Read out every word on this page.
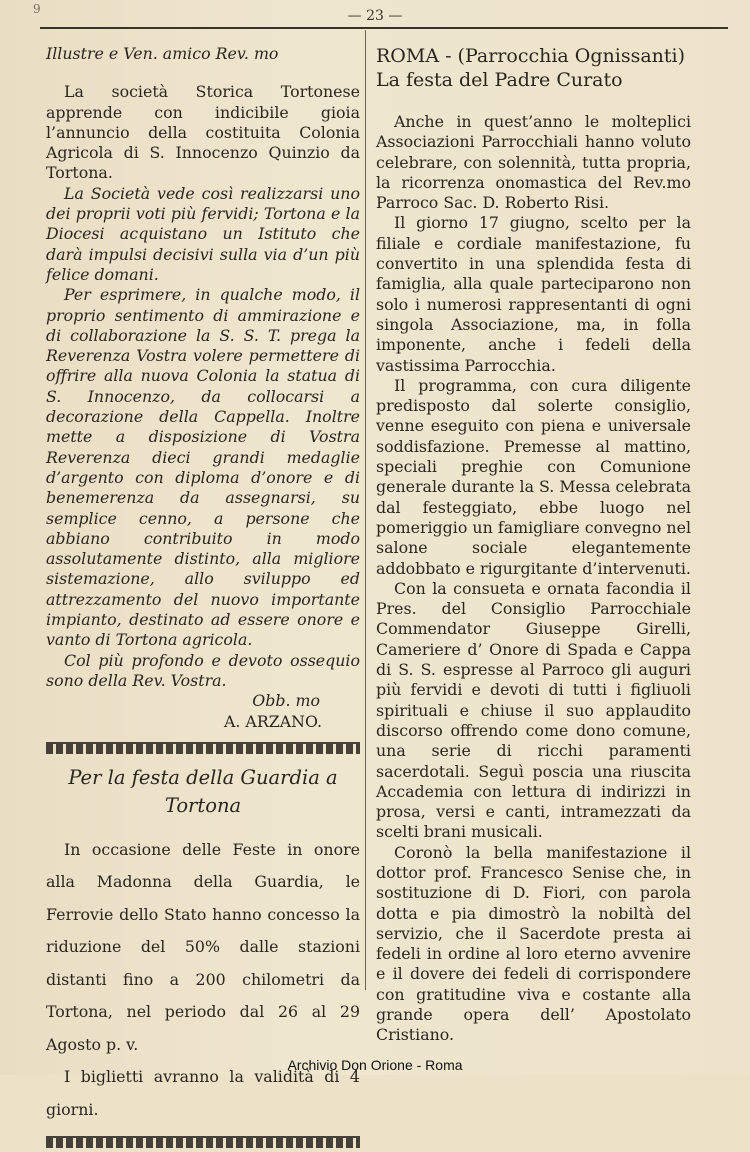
9	— 23 —

Illustre e Ven. amico Rev. mo

La società Storica Tortonese apprende con indicibile gioia l’annuncio della costituita Colonia Agricola di S. Innocenzo Quinzio da Tortona.

La Società vede così realizzarsi uno dei proprii voti più fervidi; Tortona e la Diocesi acquistano un Istituto che darà impulsi decisivi sulla via d’un più felice domani.

Per esprimere, in qualche modo, il proprio sentimento di ammirazione e di collaborazione la S. S. T. prega la Reverenza Vostra volere permettere di offrire alla nuova Colonia la statua di S. Innocenzo, da collocarsi a decorazione della Cappella. Inoltre mette a disposizione di Vostra Reverenza dieci grandi medaglie d’argento con diploma d’onore e di benemerenza da assegnarsi, su semplice cenno, a persone che abbiano contribuito in modo assolutamente distinto, alla migliore sistemazione, allo sviluppo ed attrezzamento del nuovo importante impianto, destinato ad essere onore e vanto di Tortona agricola.

Col più profondo e devoto ossequio sono della Rev. Vostra.

Obb. mo

A. ARZANO.

Per la festa della Guardia a Tortona

In occasione delle Feste in onore alla Madonna della Guardia, le Ferrovie dello Stato hanno concesso la riduzione del 50% dalle stazioni distanti fino a 200 chilometri da Tortona, nel periodo dal 26 al 29 Agosto p. v.

I biglietti avranno la validità di 4 giorni.

ROMA - (Parrocchia Ognissanti)
La festa del Padre Curato

Anche in quest’anno le molteplici Associazioni Parrocchiali hanno voluto celebrare, con solennità, tutta propria, la ricorrenza onomastica del Rev.mo Parroco Sac. D. Roberto Risi.

Il giorno 17 giugno, scelto per la filiale e cordiale manifestazione, fu convertito in una splendida festa di famiglia, alla quale parteciparono non solo i numerosi rappresentanti di ogni singola Associazione, ma, in folla imponente, anche i fedeli della vastissima Parrocchia.

Il programma, con cura diligente predisposto dal solerte consiglio, venne eseguito con piena e universale soddisfazione. Premesse al mattino, speciali preghie con Comunione generale durante la S. Messa celebrata dal festeggiato, ebbe luogo nel pomeriggio un famigliare convegno nel salone sociale elegantemente addobbato e rigurgitante d’intervenuti.

Con la consueta e ornata facondia il Pres. del Consiglio Parrocchiale Commendator Giuseppe Girelli, Cameriere d’ Onore di Spada e Cappa di S. S. espresse al Parroco gli auguri più fervidi e devoti di tutti i figliuoli spirituali e chiuse il suo applaudito discorso offrendo come dono comune, una serie di ricchi paramenti sacerdotali. Seguì poscia una riuscita Accademia con lettura di indirizzi in prosa, versi e canti, intramezzati da scelti brani musicali.

Coronò la bella manifestazione il dottor prof. Francesco Senise che, in sostituzione di D. Fiori, con parola dotta e pia dimostrò la nobiltà del servizio, che il Sacerdote presta ai fedeli in ordine al loro eterno avvenire e il dovere dei fedeli di corrispondere con gratitudine viva e costante alla grande opera dell’ Apostolato Cristiano.

Archivio Don Orione - Roma
